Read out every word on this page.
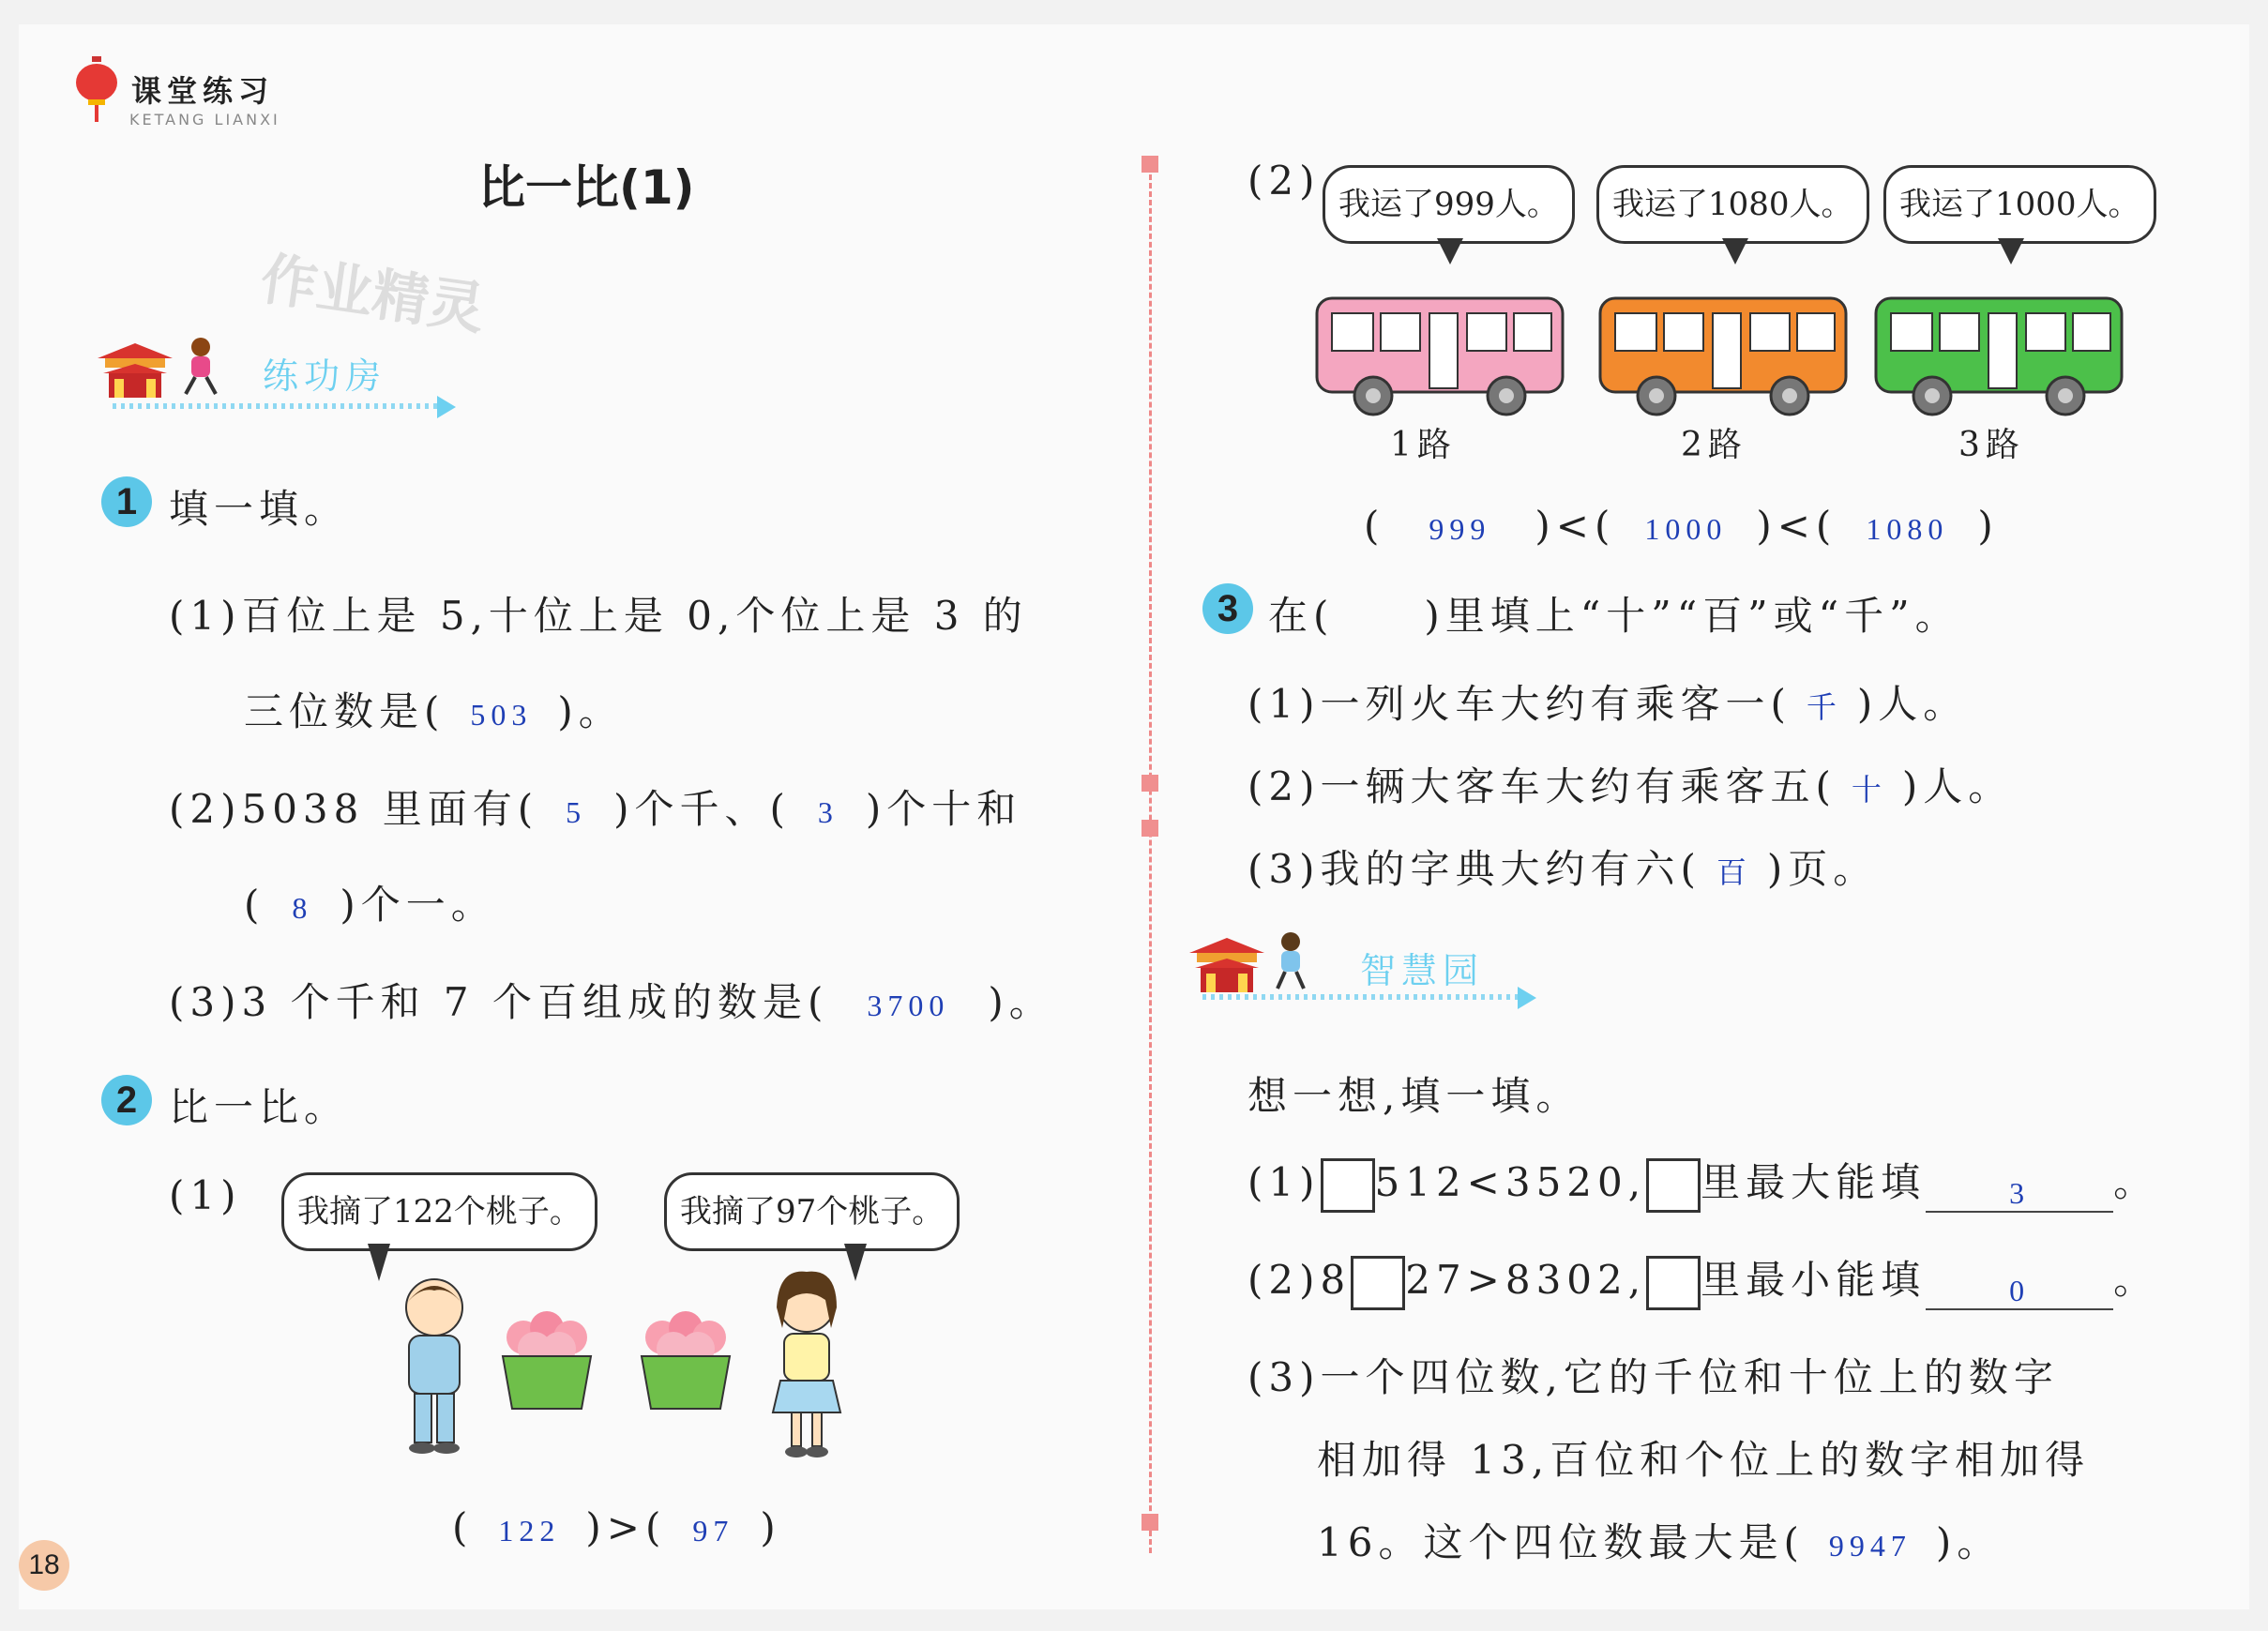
课堂练习
KETANG LIANXI
比一比(1)
作业精灵
练功房
1 填一填。
(1)百位上是 5,十位上是 0,个位上是 3 的
三位数是( 503 )。
(2)5038 里面有( 5 )个千、( 3 )个十和
( 8 )个一。
(3)3 个千和 7 个百组成的数是( 3700 )。
2 比一比。
(1)	我摘了122个桃子。	我摘了97个桃子。
( 122 )>( 97 )
18
(2)
我运了999人。	我运了1080人。	我运了1000人。
1路	2路	3路
( 999 )<( 1000 )<( 1080 )
3 在(　　)里填上“十”“百”或“千”。
(1)一列火车大约有乘客一( 千 )人。
(2)一辆大客车大约有乘客五( 十 )人。
(3)我的字典大约有六( 百 )页。
智慧园
想一想,填一填。
(1) 512<3520, 里最大能填	3 。
(2)8 27>8302, 里最小能填	0 。
(3)一个四位数,它的千位和十位上的数字
相加得 13,百位和个位上的数字相加得
16。这个四位数最大是( 9947 )。
